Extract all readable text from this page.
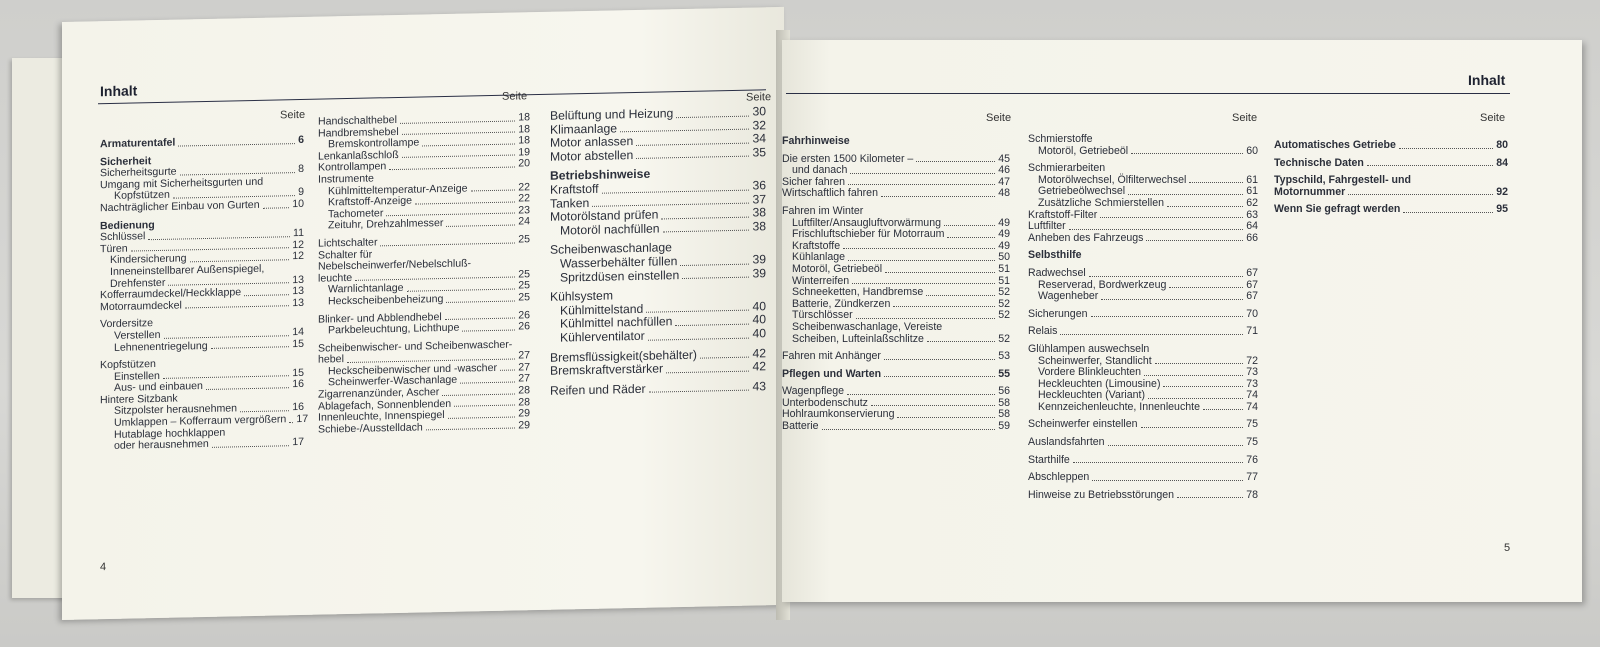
Inhalt
Seite
Seite	Seite
Armaturentafel	6
Sicherheit
Sicherheitsgurte	8
Umgang mit Sicherheitsgurten und
Kopfstützen	9
Nachträglicher Einbau von Gurten	10
Bedienung
Schlüssel	11
Türen	12
Kindersicherung	12
Inneneinstellbarer Außenspiegel,
Drehfenster	13
Kofferraumdeckel/Heckklappe	13
Motorraumdeckel	13
Vordersitze
Verstellen	14
Lehnenentriegelung	15
Kopfstützen
Einstellen	15
Aus- und einbauen	16
Hintere Sitzbank
Sitzpolster herausnehmen	16
Umklappen – Kofferraum vergrößern 17
Hutablage hochklappen
oder herausnehmen	17
Handschalthebel	18
Handbremshebel	18
Bremskontrollampe	18
Lenkanlaßschloß	19
Kontrollampen	20
Instrumente
Kühlmitteltemperatur-Anzeige	22
Kraftstoff-Anzeige	22
Tachometer	23
Zeituhr, Drehzahlmesser	24
Lichtschalter	25
Schalter für
Nebelscheinwerfer/Nebelschluß-
leuchte	25
Warnlichtanlage	25
Heckscheibenbeheizung	25
Blinker- und Abblendhebel	26
Parkbeleuchtung, Lichthupe	26
Scheibenwischer- und Scheibenwascher-
hebel	27
Heckscheibenwischer und -wascher 27
Scheinwerfer-Waschanlage	27
Zigarrenanzünder, Ascher	28
Ablagefach, Sonnenblenden	28
Innenleuchte, Innenspiegel	29
Schiebe-/Ausstelldach	29
Belüftung und Heizung	30
Klimaanlage	32
Motor anlassen	34
Motor abstellen	35
Betriebshinweise
Kraftstoff	36
Tanken	37
Motorölstand prüfen	38
Motoröl nachfüllen	38
Scheibenwaschanlage
Wasserbehälter füllen	39
Spritzdüsen einstellen	39
Kühlsystem
Kühlmittelstand	40
Kühlmittel nachfüllen	40
Kühlerventilator	40
Bremsflüssigkeit(sbehälter)	42
Bremskraftverstärker	42
Reifen und Räder	43
4
Inhalt
Seite	Seite	Seite
Fahrhinweise
Die ersten 1500 Kilometer –	45
und danach	46
Sicher fahren	47
Wirtschaftlich fahren	48
Fahren im Winter
Luftfilter/Ansaugluftvorwärmung	49
Frischluftschieber für Motorraum	49
Kraftstoffe	49
Kühlanlage	50
Motoröl, Getriebeöl	51
Winterreifen	51
Schneeketten, Handbremse	52
Batterie, Zündkerzen	52
Türschlösser	52
Scheibenwaschanlage, Vereiste
Scheiben, Lufteinlaßschlitze	52
Fahren mit Anhänger	53
Pflegen und Warten	55
Wagenpflege	56
Unterbodenschutz	58
Hohlraumkonservierung	58
Batterie	59
Schmierstoffe
Motoröl, Getriebeöl	60
Schmierarbeiten
Motorölwechsel, Ölfilterwechsel	61
Getriebeölwechsel	61
Zusätzliche Schmierstellen	62
Kraftstoff-Filter	63
Luftfilter	64
Anheben des Fahrzeugs	66
Selbsthilfe
Radwechsel	67
Reserverad, Bordwerkzeug	67
Wagenheber	67
Sicherungen	70
Relais	71
Glühlampen auswechseln
Scheinwerfer, Standlicht	72
Vordere Blinkleuchten	73
Heckleuchten (Limousine)	73
Heckleuchten (Variant)	74
Kennzeichenleuchte, Innenleuchte	74
Scheinwerfer einstellen	75
Auslandsfahrten	75
Starthilfe	76
Abschleppen	77
Hinweise zu Betriebsstörungen	78
Automatisches Getriebe	80
Technische Daten	84
Typschild, Fahrgestell- und
Motornummer	92
Wenn Sie gefragt werden	95
5
